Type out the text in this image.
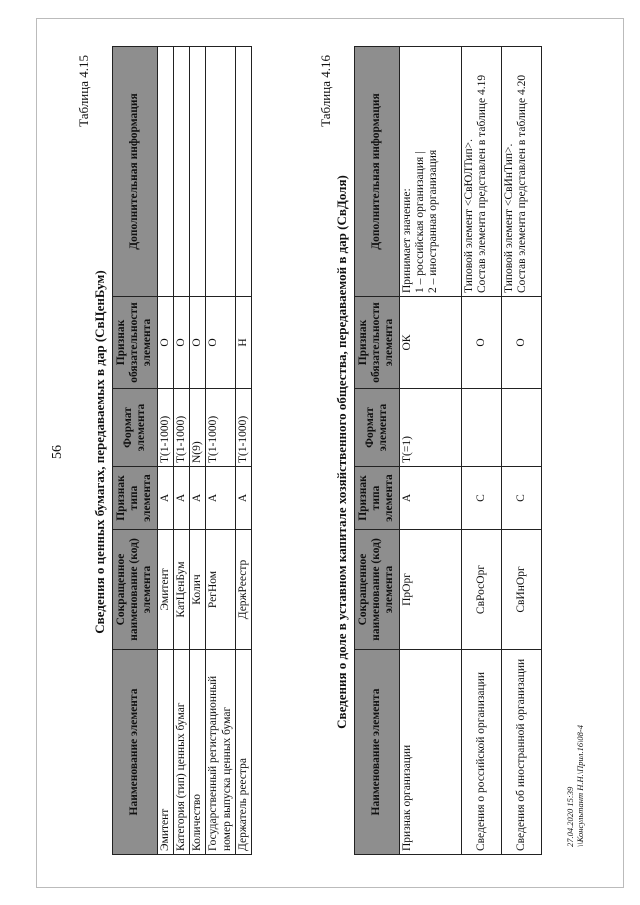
56
Таблица 4.15
Сведения о ценных бумагах, передаваемых в дар (СвЦенБум)
Наименование элемента	Сокращенное наименование (код) элемента	Признак типа элемента	Формат элемента	Признак обязательности элемента	Дополнительная информация
Эмитент	Эмитент	А	Т(1-1000)	О	
Категория (тип) ценных бумаг	КатЦенБум	А	Т(1-1000)	О	
Количество	Колич	А	N(9)	О	
Государственный регистрационный номер выпуска ценных бумаг	РегНом	А	Т(1-1000)	О	
Держатель реестра	ДержРеестр	А	Т(1-1000)	Н	
Таблица 4.16
Сведения о доле в уставном капитале хозяйственного общества, передаваемой в дар (СвДоля)
Наименование элемента	Сокращенное наименование (код) элемента	Признак типа элемента	Формат элемента	Признак обязательности элемента	Дополнительная информация
Признак организации	ПрОрг	А	Т(=1)	ОК	Принимает значение: 1 – российская организация | 2 – иностранная организация

Сведения о российской организации	СвРосОрг	С		О	Типовой элемент <СвЮЛТип>. Состав элемента представлен в таблице 4.19

Сведения об иностранной организации	СвИнОрг	С		О	Типовой элемент <СвИнТип>. Состав элемента представлен в таблице 4.20
27.04.2020 15:39 \\Консультант Н.Н.\Прил.16\08-4
